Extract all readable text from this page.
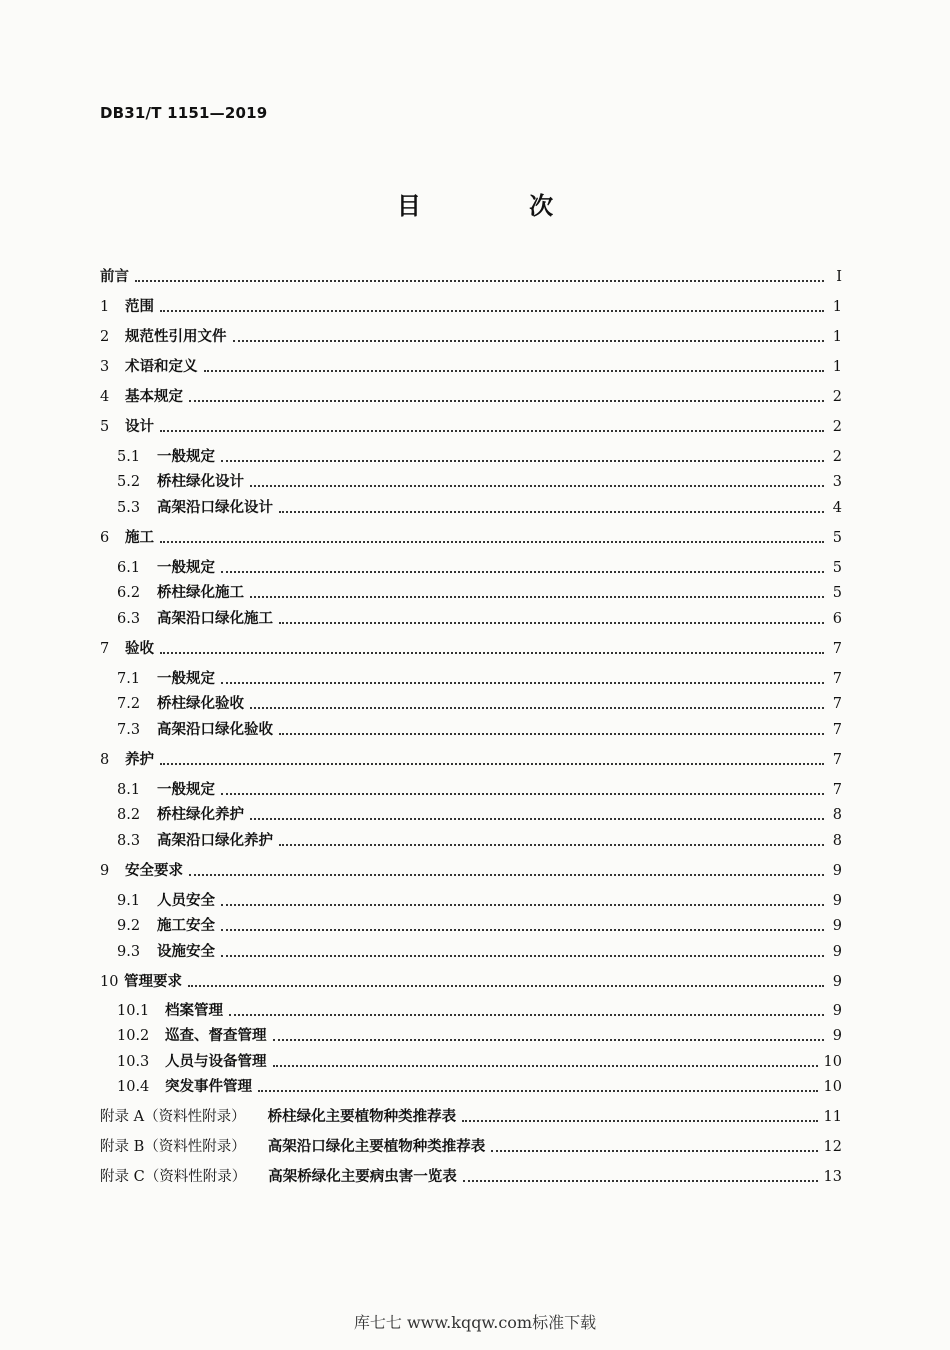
DB31/T 1151—2019
目 次
前言	I
1	范围	1
2	规范性引用文件	1
3	术语和定义	1
4	基本规定	2
5	设计	2
5.1	一般规定	2
5.2	桥柱绿化设计	3
5.3	高架沿口绿化设计	4
6	施工	5
6.1	一般规定	5
6.2	桥柱绿化施工	5
6.3	高架沿口绿化施工	6
7	验收	7
7.1	一般规定	7
7.2	桥柱绿化验收	7
7.3	高架沿口绿化验收	7
8	养护	7
8.1	一般规定	7
8.2	桥柱绿化养护	8
8.3	高架沿口绿化养护	8
9	安全要求	9
9.1	人员安全	9
9.2	施工安全	9
9.3	设施安全	9
10 管理要求	9
10.1	档案管理	9
10.2	巡查、督查管理	9
10.3	人员与设备管理	10
10.4	突发事件管理	10
附录 A（资料性附录） 桥柱绿化主要植物种类推荐表	11
附录 B（资料性附录） 高架沿口绿化主要植物种类推荐表	12
附录 C（资料性附录） 高架桥绿化主要病虫害一览表	13
库七七 www.kqqw.com标准下载
